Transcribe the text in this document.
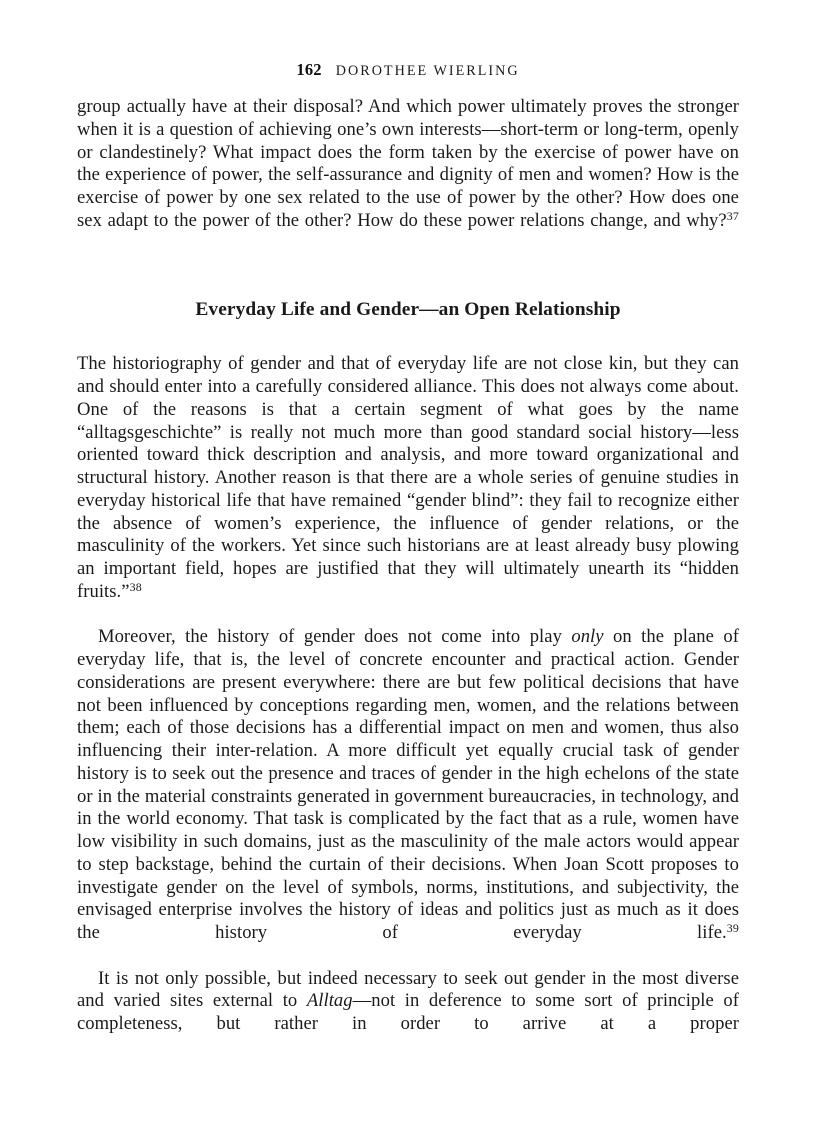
162 DOROTHEE WIERLING

group actually have at their disposal? And which power ultimately proves the stronger when it is a question of achieving one’s own interests—short-term or long-term, openly or clandestinely? What impact does the form taken by the exercise of power have on the experience of power, the self-assurance and dignity of men and women? How is the exercise of power by one sex related to the use of power by the other? How does one sex adapt to the power of the other? How do these power relations change, and why?$^{37}$

Everyday Life and Gender—an Open Relationship

The historiography of gender and that of everyday life are not close kin, but they can and should enter into a carefully considered alliance. This does not always come about. One of the reasons is that a certain segment of what goes by the name “alltagsgeschichte” is really not much more than good standard social history—less oriented toward thick description and analysis, and more toward organizational and structural history. Another reason is that there are a whole series of genuine studies in everyday historical life that have remained “gender blind”: they fail to recognize either the absence of women’s experience, the influence of gender relations, or the masculinity of the workers. Yet since such historians are at least already busy plowing an important field, hopes are justified that they will ultimately unearth its “hidden fruits.”$^{38}$

Moreover, the history of gender does not come into play only on the plane of everyday life, that is, the level of concrete encounter and practical action. Gender considerations are present everywhere: there are but few political decisions that have not been influenced by conceptions regarding men, women, and the relations between them; each of those decisions has a differential impact on men and women, thus also influencing their inter-relation. A more difficult yet equally crucial task of gender history is to seek out the presence and traces of gender in the high echelons of the state or in the material constraints generated in government bureaucracies, in technology, and in the world economy. That task is complicated by the fact that as a rule, women have low visibility in such domains, just as the masculinity of the male actors would appear to step backstage, behind the curtain of their decisions. When Joan Scott proposes to investigate gender on the level of symbols, norms, institutions, and subjectivity, the envisaged enterprise involves the history of ideas and politics just as much as it does the history of everyday life.$^{39}$

It is not only possible, but indeed necessary to seek out gender in the most diverse and varied sites external to Alltag—not in deference to some sort of principle of completeness, but rather in order to arrive at a proper
